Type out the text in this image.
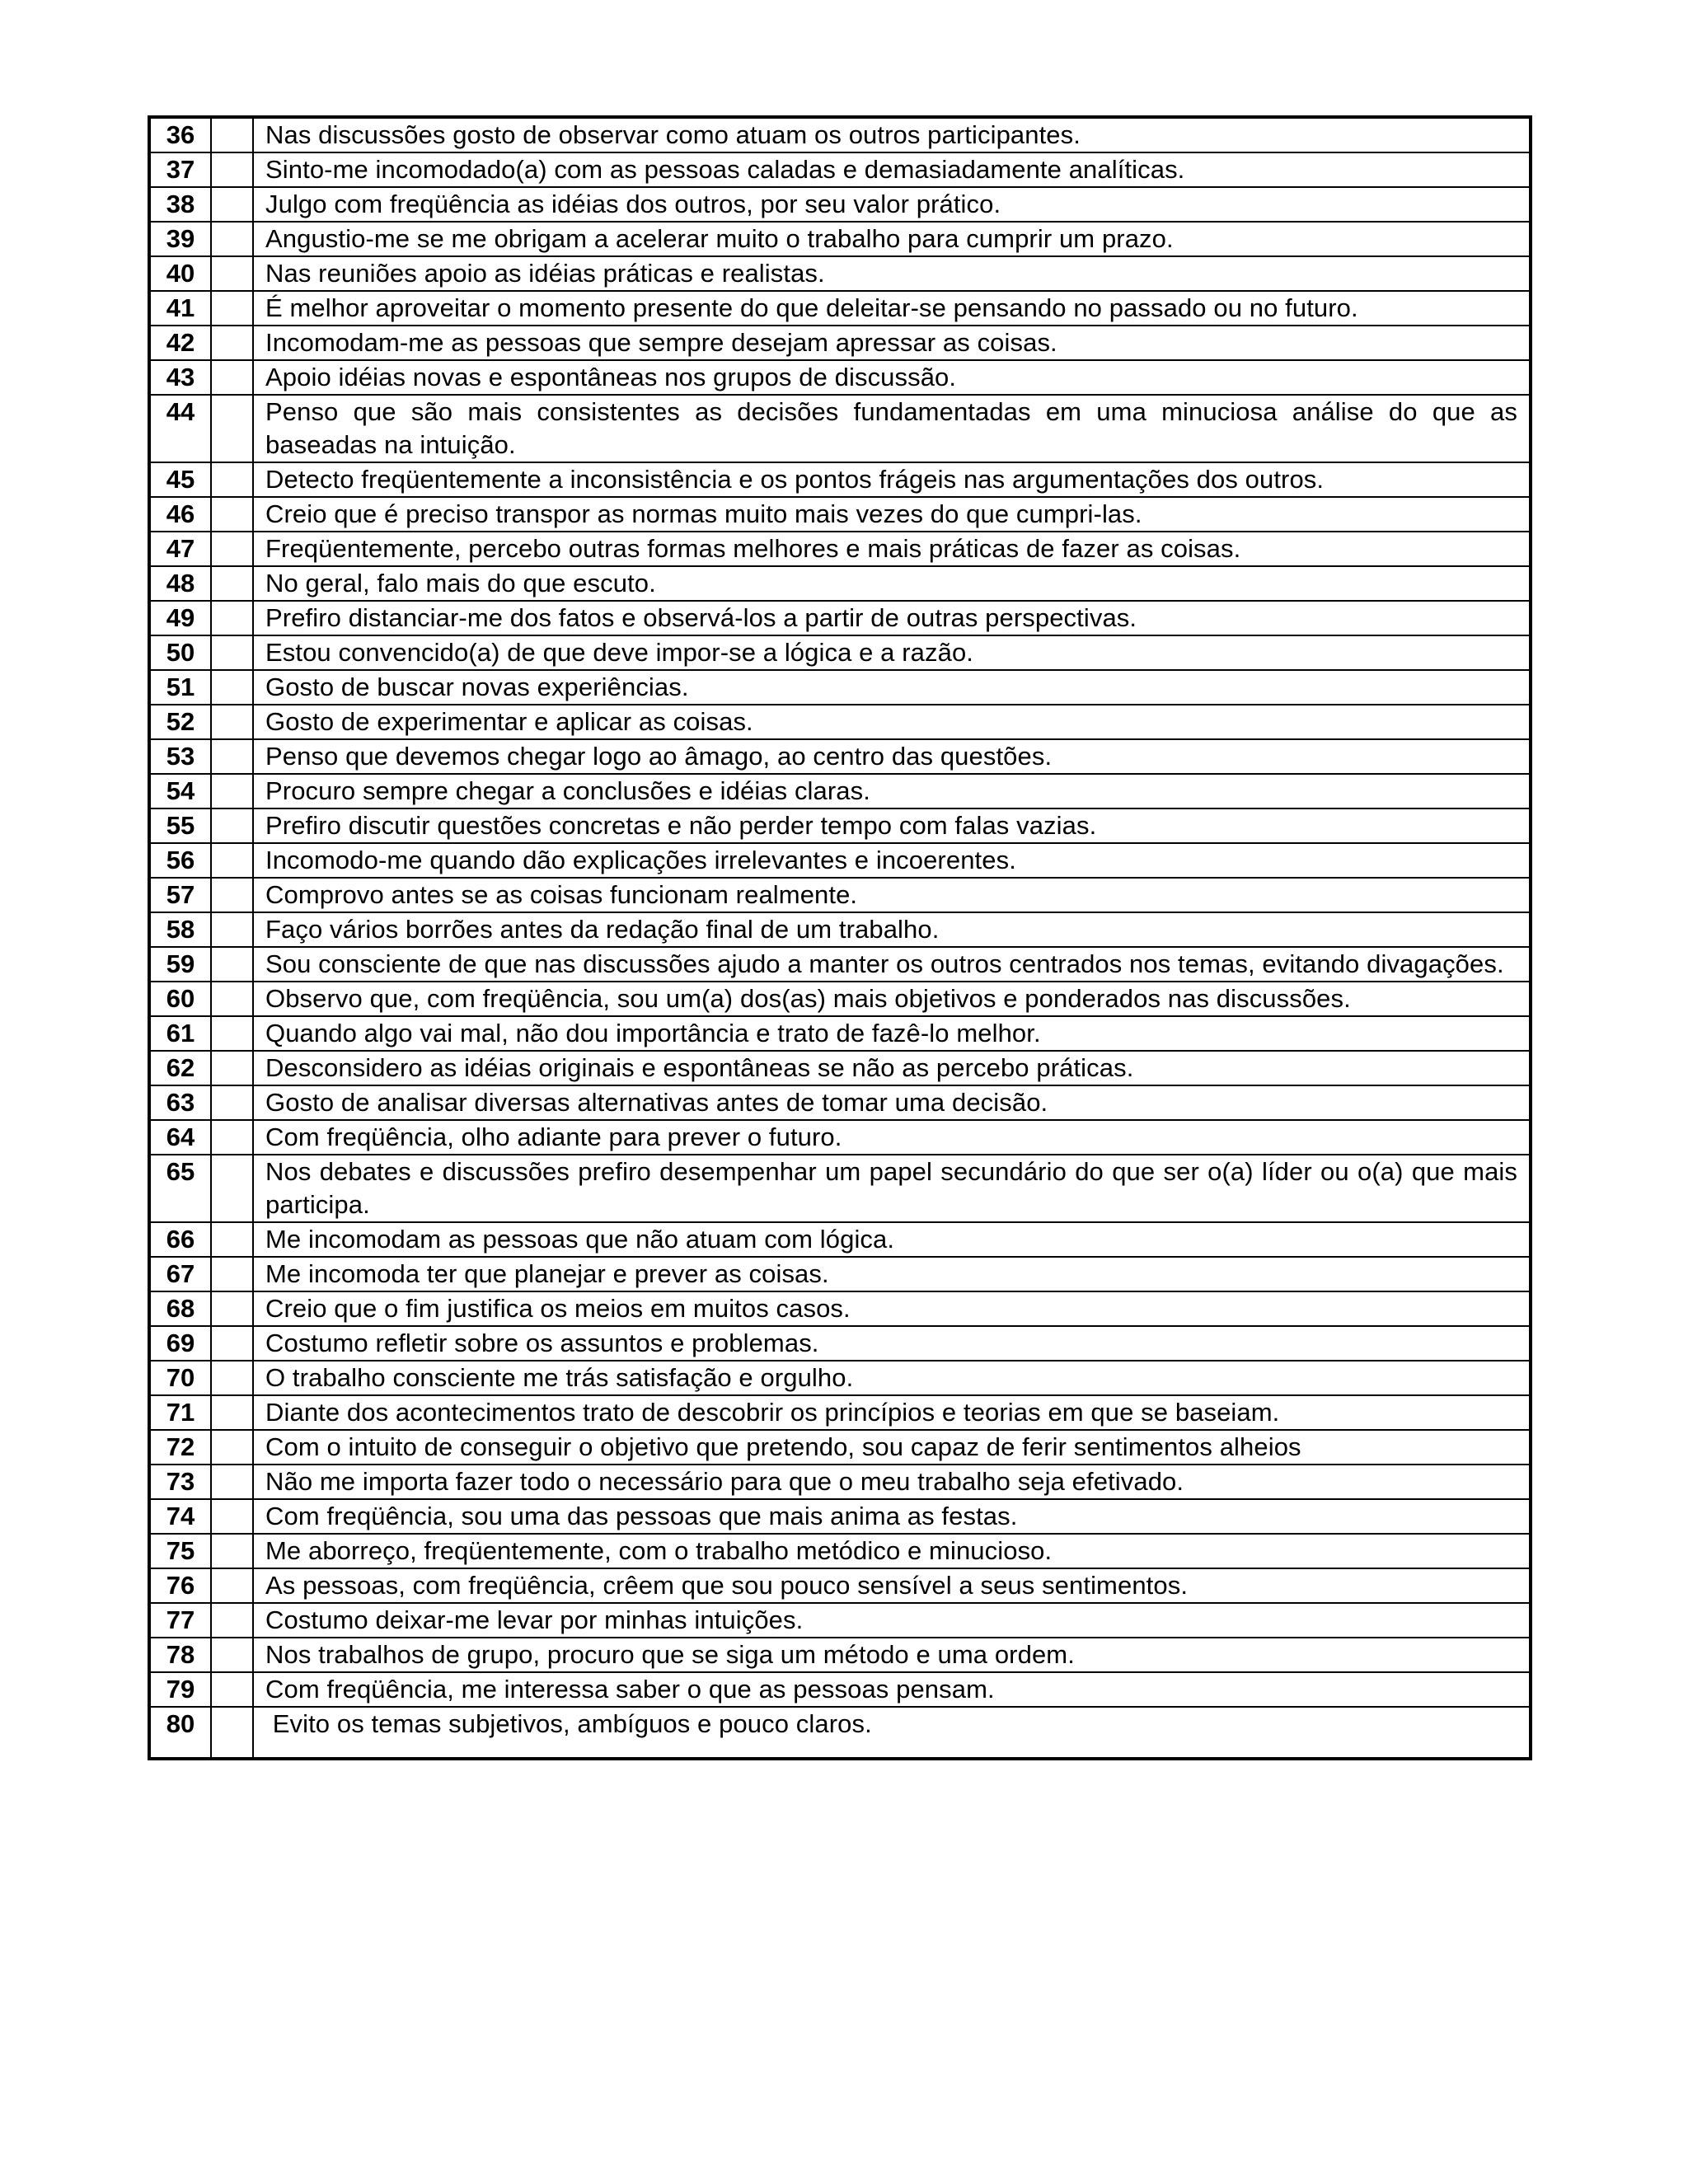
36		Nas discussões gosto de observar como atuam os outros participantes.
37		Sinto-me incomodado(a) com as pessoas caladas e demasiadamente analíticas.
38		Julgo com freqüência as idéias dos outros, por seu valor prático.
39		Angustio-me se me obrigam a acelerar muito o trabalho para cumprir um prazo.
40		Nas reuniões apoio as idéias práticas e realistas.
41		É melhor aproveitar o momento presente do que deleitar-se pensando no passado ou no futuro.
42		Incomodam-me as pessoas que sempre desejam apressar as coisas.
43		Apoio idéias novas e espontâneas nos grupos de discussão.
44		Penso que são mais consistentes as decisões fundamentadas em uma minuciosa análise do que as baseadas na intuição.
45		Detecto freqüentemente a inconsistência e os pontos frágeis nas argumentações dos outros.
46		Creio que é preciso transpor as normas muito mais vezes do que cumpri-las.
47		Freqüentemente, percebo outras formas melhores e mais práticas de fazer as coisas.
48		No geral, falo mais do que escuto.
49		Prefiro distanciar-me dos fatos e observá-los a partir de outras perspectivas.
50		Estou convencido(a) de que deve impor-se a lógica e a razão.
51		Gosto de buscar novas experiências.
52		Gosto de experimentar e aplicar as coisas.
53		Penso que devemos chegar logo ao âmago, ao centro das questões.
54		Procuro sempre chegar a conclusões e idéias claras.
55		Prefiro discutir questões concretas e não perder tempo com falas vazias.
56		Incomodo-me quando dão explicações irrelevantes e incoerentes.
57		Comprovo antes se as coisas funcionam realmente.
58		Faço vários borrões antes da redação final de um trabalho.
59		Sou consciente de que nas discussões ajudo a manter os outros centrados nos temas, evitando divagações.
60		Observo que, com freqüência, sou um(a) dos(as) mais objetivos e ponderados nas discussões.
61		Quando algo vai mal, não dou importância e trato de fazê-lo melhor.
62		Desconsidero as idéias originais e espontâneas se não as percebo práticas.
63		Gosto de analisar diversas alternativas antes de tomar uma decisão.
64		Com freqüência, olho adiante para prever o futuro.
65		Nos debates e discussões prefiro desempenhar um papel secundário do que ser o(a) líder ou o(a) que mais participa.
66		Me incomodam as pessoas que não atuam com lógica.
67		Me incomoda ter que planejar e prever as coisas.
68		Creio que o fim justifica os meios em muitos casos.
69		Costumo refletir sobre os assuntos e problemas.
70		O trabalho consciente me trás satisfação e orgulho.
71		Diante dos acontecimentos trato de descobrir os princípios e teorias em que se baseiam.
72		Com o intuito de conseguir o objetivo que pretendo, sou capaz de ferir sentimentos alheios
73		Não me importa fazer todo o necessário para que o meu trabalho seja efetivado.
74		Com freqüência, sou uma das pessoas que mais anima as festas.
75		Me aborreço, freqüentemente, com o trabalho metódico e minucioso.
76		As pessoas, com freqüência, crêem que sou pouco sensível a seus sentimentos.
77		Costumo deixar-me levar por minhas intuições.
78		Nos trabalhos de grupo, procuro que se siga um método e uma ordem.
79		Com freqüência, me interessa saber o que as pessoas pensam.
80		Evito os temas subjetivos, ambíguos e pouco claros.
